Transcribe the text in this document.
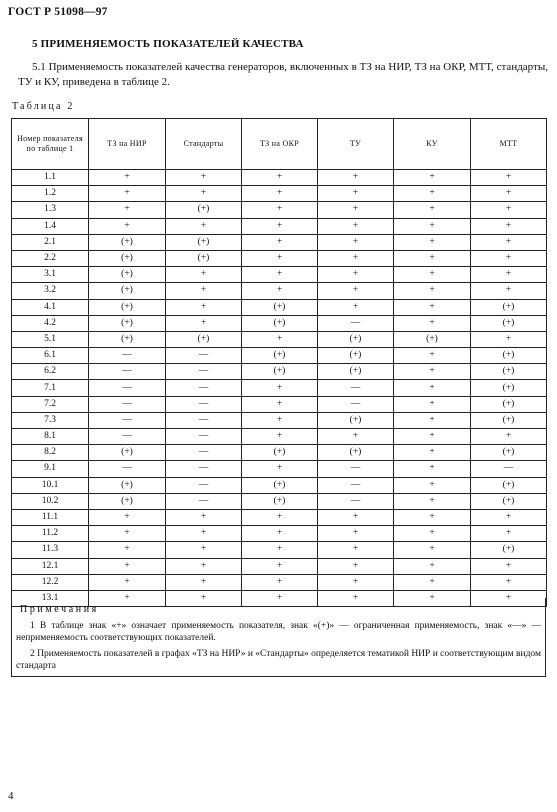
ГОСТ Р 51098—97
5 ПРИМЕНЯЕМОСТЬ ПОКАЗАТЕЛЕЙ КАЧЕСТВА
5.1 Применяемость показателей качества генераторов, включенных в ТЗ на НИР, ТЗ на ОКР, МТТ, стандарты, ТУ и КУ, приведена в таблице 2.
Таблица 2
Номер показателя по таблице 1	ТЗ на НИР	Стандарты	ТЗ на ОКР	ТУ	КУ	МТТ
1.1	+	+	+	+	+	+
1.2	+	+	+	+	+	+
1.3	+	(+)	+	+	+	+
1.4	+	+	+	+	+	+
2.1	(+)	(+)	+	+	+	+
2.2	(+)	(+)	+	+	+	+
3.1	(+)	+	+	+	+	+
3.2	(+)	+	+	+	+	+
4.1	(+)	+	(+)	+	+	(+)
4.2	(+)	+	(+)	—	+	(+)
5.1	(+)	(+)	+	(+)	(+)	+
6.1	—	—	(+)	(+)	+	(+)
6.2	—	—	(+)	(+)	+	(+)
7.1	—	—	+	—	+	(+)
7.2	—	—	+	—	+	(+)
7.3	—	—	+	(+)	+	(+)
8.1	—	—	+	+	+	+
8.2	(+)	—	(+)	(+)	+	(+)
9.1	—	—	+	—	+	—
10.1	(+)	—	(+)	—	+	(+)
10.2	(+)	—	(+)	—	+	(+)
11.1	+	+	+	+	+	+
11.2	+	+	+	+	+	+
11.3	+	+	+	+	+	(+)
12.1	+	+	+	+	+	+
12.2	+	+	+	+	+	+
13.1	+	+	+	+	+	+
Примечания
1 В таблице знак «+» означает применяемость показателя, знак «(+)» — ограниченная применяемость, знак «—» — неприменяемость соответствующих показателей.
2 Применяемость показателей в графах «ТЗ на НИР» и «Стандарты» определяется тематикой НИР и соответствующим видом стандарта
4
